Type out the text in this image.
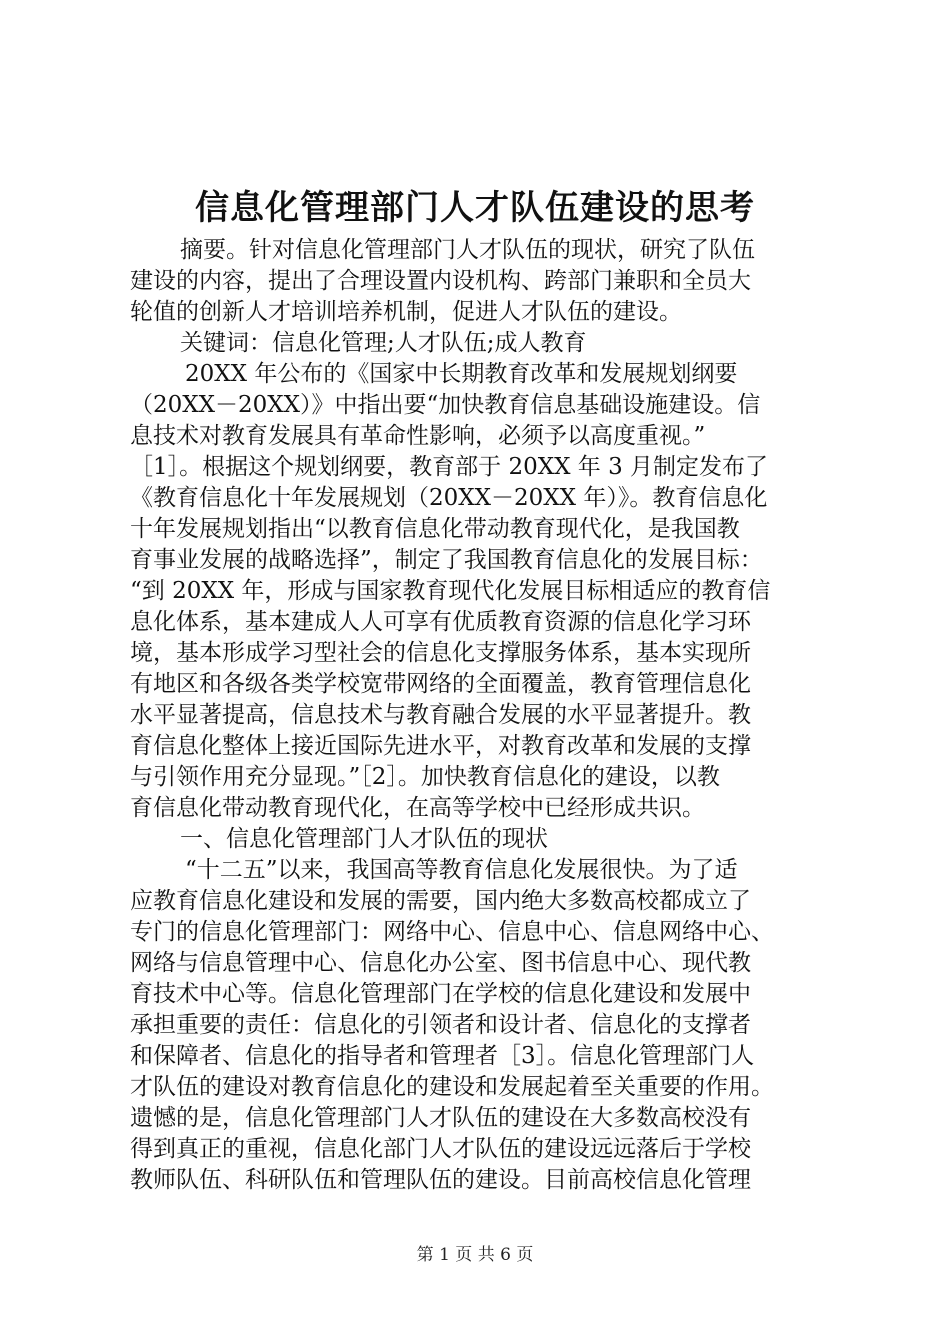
信息化管理部门人才队伍建设的思考
摘要。针对信息化管理部门人才队伍的现状，研究了队伍
建设的内容，提出了合理设置内设机构、跨部门兼职和全员大
轮值的创新人才培训培养机制，促进人才队伍的建设。
关键词：信息化管理;人才队伍;成人教育
20XX 年公布的《国家中长期教育改革和发展规划纲要
（20XX－20XX）》中指出要“加快教育信息基础设施建设。信
息技术对教育发展具有革命性影响，必须予以高度重视。”
［1］。根据这个规划纲要，教育部于 20XX 年 3 月制定发布了
《教育信息化十年发展规划（20XX－20XX 年）》。教育信息化
十年发展规划指出“以教育信息化带动教育现代化，是我国教
育事业发展的战略选择”，制定了我国教育信息化的发展目标：
“到 20XX 年，形成与国家教育现代化发展目标相适应的教育信
息化体系，基本建成人人可享有优质教育资源的信息化学习环
境，基本形成学习型社会的信息化支撑服务体系，基本实现所
有地区和各级各类学校宽带网络的全面覆盖，教育管理信息化
水平显著提高，信息技术与教育融合发展的水平显著提升。教
育信息化整体上接近国际先进水平，对教育改革和发展的支撑
与引领作用充分显现。”［2］。加快教育信息化的建设，以教
育信息化带动教育现代化，在高等学校中已经形成共识。
一、信息化管理部门人才队伍的现状
“十二五”以来，我国高等教育信息化发展很快。为了适
应教育信息化建设和发展的需要，国内绝大多数高校都成立了
专门的信息化管理部门：网络中心、信息中心、信息网络中心、
网络与信息管理中心、信息化办公室、图书信息中心、现代教
育技术中心等。信息化管理部门在学校的信息化建设和发展中
承担重要的责任：信息化的引领者和设计者、信息化的支撑者
和保障者、信息化的指导者和管理者［3］。信息化管理部门人
才队伍的建设对教育信息化的建设和发展起着至关重要的作用。
遗憾的是，信息化管理部门人才队伍的建设在大多数高校没有
得到真正的重视，信息化部门人才队伍的建设远远落后于学校
教师队伍、科研队伍和管理队伍的建设。目前高校信息化管理
第 1 页 共 6 页
